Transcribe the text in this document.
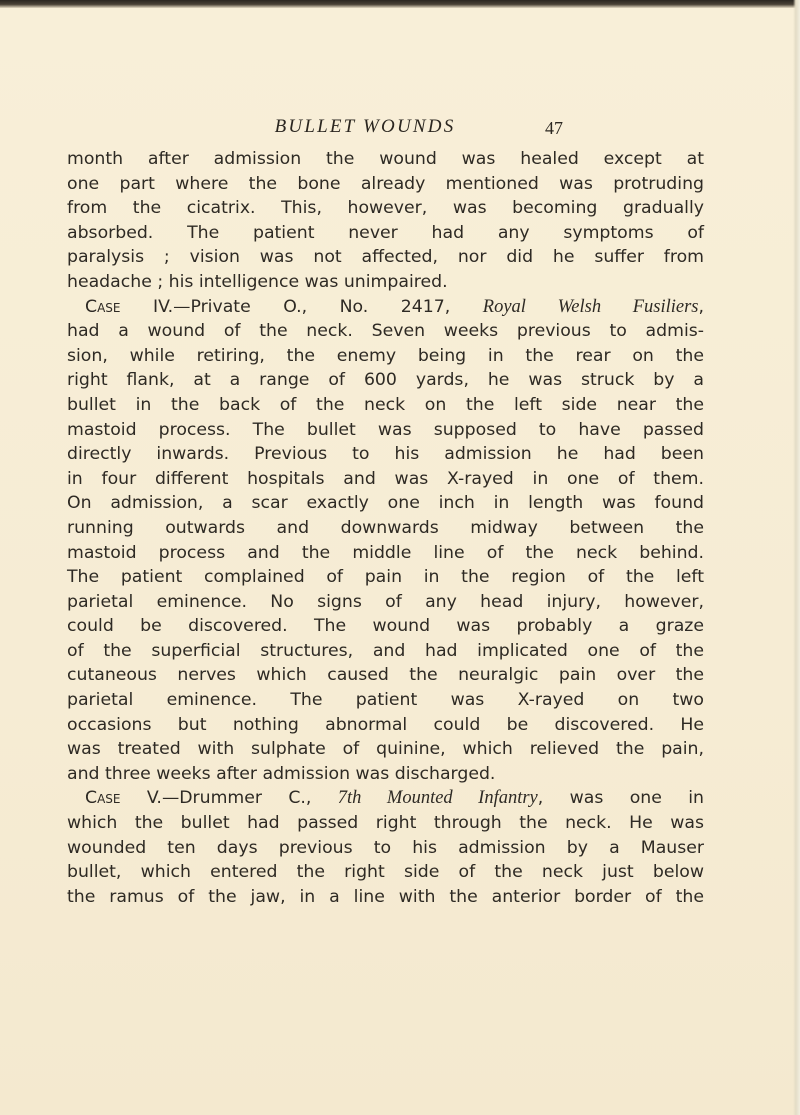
BULLET WOUNDS	47
month after admission the wound was healed except at
one part where the bone already mentioned was protruding
from the cicatrix. This, however, was becoming gradually
absorbed. The patient never had any symptoms of
paralysis ; vision was not affected, nor did he suffer from
headache ; his intelligence was unimpaired.
Case IV.—Private O., No. 2417, Royal Welsh Fusiliers,
had a wound of the neck. Seven weeks previous to admis-
sion, while retiring, the enemy being in the rear on the
right flank, at a range of 600 yards, he was struck by a
bullet in the back of the neck on the left side near the
mastoid process. The bullet was supposed to have passed
directly inwards. Previous to his admission he had been
in four different hospitals and was X-rayed in one of them.
On admission, a scar exactly one inch in length was found
running outwards and downwards midway between the
mastoid process and the middle line of the neck behind.
The patient complained of pain in the region of the left
parietal eminence. No signs of any head injury, however,
could be discovered. The wound was probably a graze
of the superficial structures, and had implicated one of the
cutaneous nerves which caused the neuralgic pain over the
parietal eminence. The patient was X-rayed on two
occasions but nothing abnormal could be discovered. He
was treated with sulphate of quinine, which relieved the pain,
and three weeks after admission was discharged.
Case V.—Drummer C., 7th Mounted Infantry, was one in
which the bullet had passed right through the neck. He was
wounded ten days previous to his admission by a Mauser
bullet, which entered the right side of the neck just below
the ramus of the jaw, in a line with the anterior border of the
